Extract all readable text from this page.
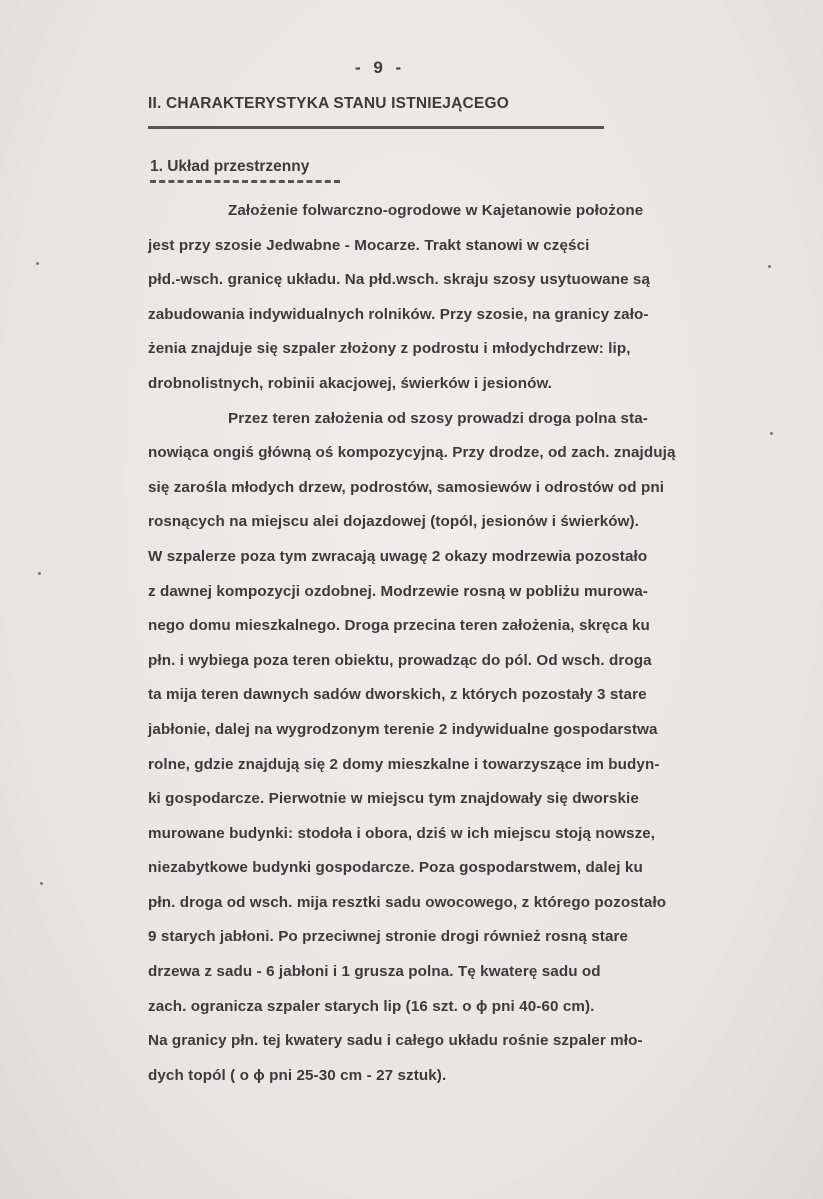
- 9 -
II. CHARAKTERYSTYKA STANU ISTNIEJĄCEGO
1. Układ przestrzenny
Założenie folwarczno-ogrodowe w Kajetanowie położone
jest przy szosie Jedwabne - Mocarze. Trakt stanowi w części
płd.-wsch. granicę układu. Na płd.wsch. skraju szosy usytuowane są
zabudowania indywidualnych rolników. Przy szosie, na granicy zało-
żenia znajduje się szpaler złożony z podrostu i młodychdrzew: lip,
drobnolistnych, robinii akacjowej, świerków i jesionów.
Przez teren założenia od szosy prowadzi droga polna sta-
nowiąca ongiś główną oś kompozycyjną. Przy drodze, od zach. znajdują
się zarośla młodych drzew, podrostów, samosiewów i odrostów od pni
rosnących na miejscu alei dojazdowej (topól, jesionów i świerków).
W szpalerze poza tym zwracają uwagę 2 okazy modrzewia pozostało
z dawnej kompozycji ozdobnej. Modrzewie rosną w pobliżu murowa-
nego domu mieszkalnego. Droga przecina teren założenia, skręca ku
płn. i wybiega poza teren obiektu, prowadząc do pól. Od wsch. droga
ta mija teren dawnych sadów dworskich, z których pozostały 3 stare
jabłonie, dalej na wygrodzonym terenie 2 indywidualne gospodarstwa
rolne, gdzie znajdują się 2 domy mieszkalne i towarzyszące im budyn-
ki gospodarcze. Pierwotnie w miejscu tym znajdowały się dworskie
murowane budynki: stodoła i obora, dziś w ich miejscu stoją nowsze,
niezabytkowe budynki gospodarcze. Poza gospodarstwem, dalej ku
płn. droga od wsch. mija resztki sadu owocowego, z którego pozostało
9 starych jabłoni. Po przeciwnej stronie drogi również rosną stare
drzewa z sadu - 6 jabłoni i 1 grusza polna. Tę kwaterę sadu od
zach. ogranicza szpaler starych lip (16 szt. o ϕ pni 40-60 cm).
Na granicy płn. tej kwatery sadu i całego układu rośnie szpaler mło-
dych topól ( o ϕ pni 25-30 cm - 27 sztuk).
